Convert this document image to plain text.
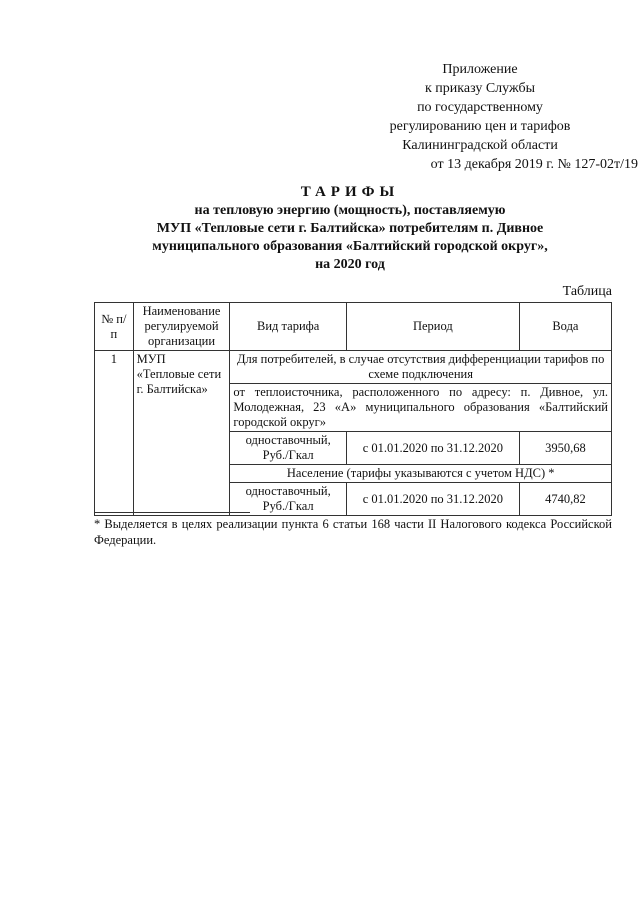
Приложение
к приказу Службы
по государственному
регулированию цен и тарифов
Калининградской области
от 13 декабря 2019 г. № 127-02т/19
ТАРИФЫ
на тепловую энергию (мощность), поставляемую
МУП «Тепловые сети г. Балтийска» потребителям п. Дивное
муниципального образования «Балтийский городской округ»,
на 2020 год
Таблица
№ п/п	Наименование регулируемой организации	Вид тарифа	Период	Вода
1	МУП «Тепловые сети г. Балтийска»	Для потребителей, в случае отсутствия дифференциации тарифов по схеме подключения		
		от теплоисточника, расположенного по адресу: п. Дивное, ул. Молодежная, 23 «А» муниципального образования «Балтийский городской округ»		
		одноставочный, Руб./Гкал	с 01.01.2020 по 31.12.2020	3950,68
		Население (тарифы указываются с учетом НДС) *		
		одноставочный, Руб./Гкал	с 01.01.2020 по 31.12.2020	4740,82
* Выделяется в целях реализации пункта 6 статьи 168 части II Налогового кодекса Российской Федерации.
